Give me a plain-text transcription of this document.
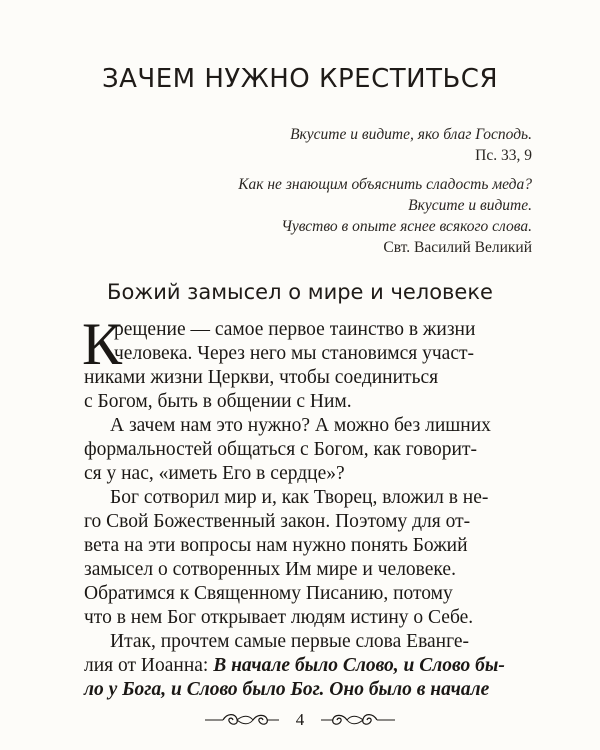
ЗАЧЕМ НУЖНО КРЕСТИТЬСЯ
Вкусите и видите, яко благ Господь.
Пс. 33, 9
Как не знающим объяснить сладость меда?
Вкусите и видите.
Чувство в опыте яснее всякого слова.
Свт. Василий Великий
Божий замысел о мире и человеке
К
рещение — самое первое таинство в жизни
человека. Через него мы становимся участ-
никами жизни Церкви, чтобы соединиться
с Богом, быть в общении с Ним.
А зачем нам это нужно? А можно без лишних
формальностей общаться с Богом, как говорит-
ся у нас, «иметь Его в сердце»?
Бог сотворил мир и, как Творец, вложил в не-
го Свой Божественный закон. Поэтому для от-
вета на эти вопросы нам нужно понять Божий
замысел о сотворенных Им мире и человеке.
Обратимся к Священному Писанию, потому
что в нем Бог открывает людям истину о Себе.
Итак, прочтем самые первые слова Еванге-
лия от Иоанна: В начале было Слово, и Слово бы-
ло у Бога, и Слово было Бог. Оно было в начале
4
